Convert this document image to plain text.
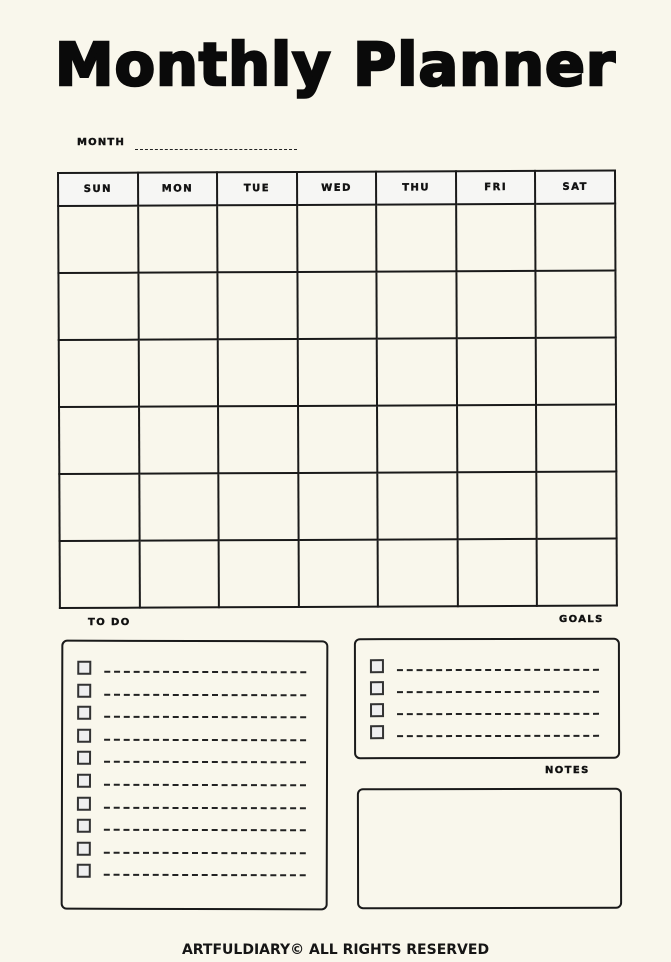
Monthly Planner
MONTH
SUN	MON	TUE	WED	THU	FRI	SAT

TO DO	GOALS
NOTES
ARTFULDIARY© ALL RIGHTS RESERVED
